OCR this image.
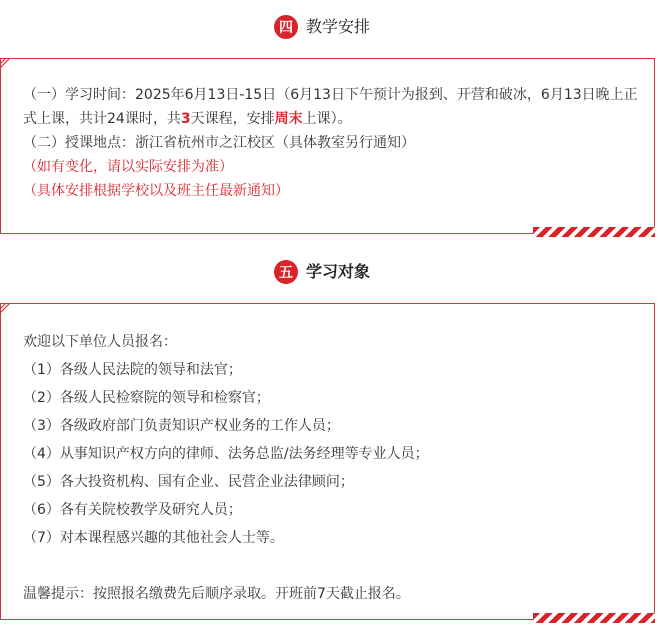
四 教学安排

（一）学习时间：2025年6月13日-15日（6月13日下午预计为报到、开营和破冰，6月13日晚上正式上课，共计24课时，共3天课程，安排周末上课）。

（二）授课地点：浙江省杭州市之江校区（具体教室另行通知）

（如有变化，请以实际安排为准）

（具体安排根据学校以及班主任最新通知）

五 学习对象

欢迎以下单位人员报名：

（1）各级人民法院的领导和法官；

（2）各级人民检察院的领导和检察官；

（3）各级政府部门负责知识产权业务的工作人员；

（4）从事知识产权方向的律师、法务总监/法务经理等专业人员；

（5）各大投资机构、国有企业、民营企业法律顾问；

（6）各有关院校教学及研究人员；

（7）对本课程感兴趣的其他社会人士等。

温馨提示：按照报名缴费先后顺序录取。开班前7天截止报名。
